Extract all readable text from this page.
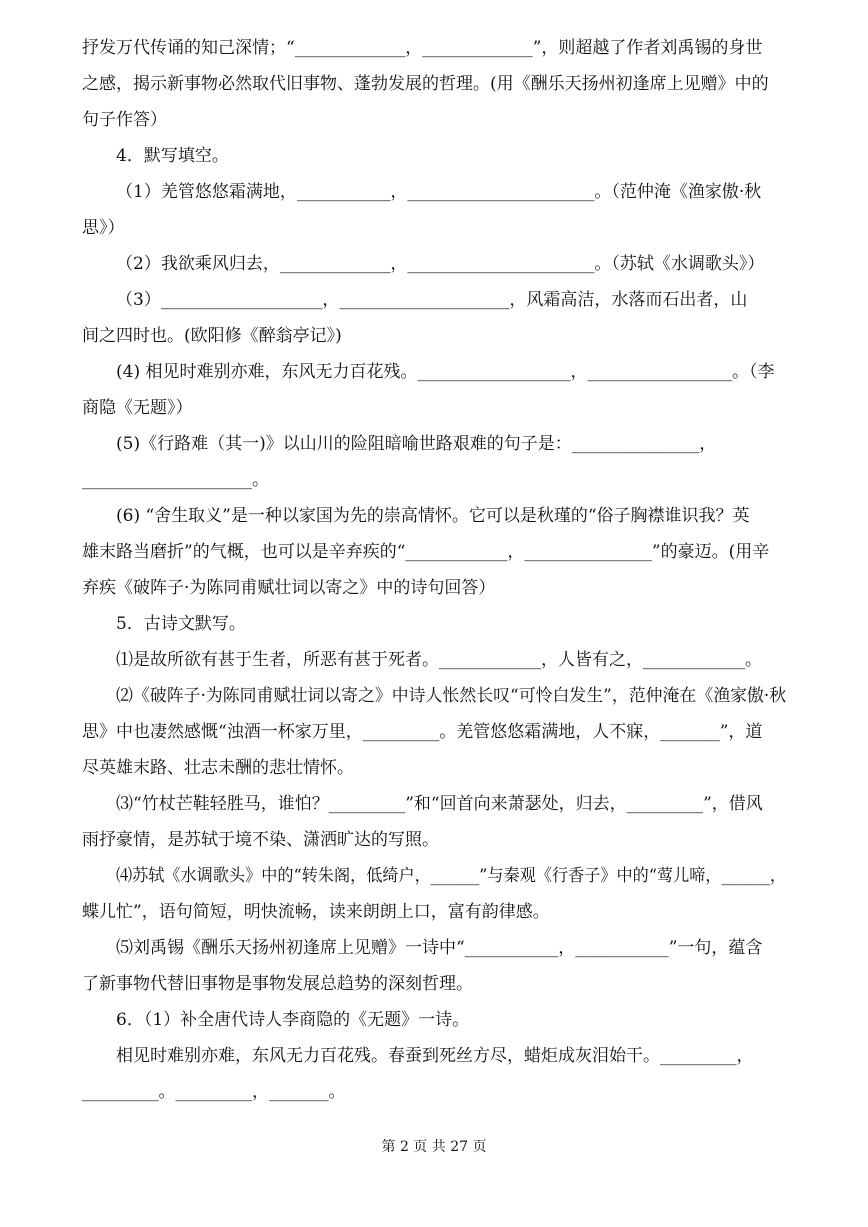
抒发万代传诵的知己深情；“_____________，_____________”，则超越了作者刘禹锡的身世
之感，揭示新事物必然取代旧事物、蓬勃发展的哲理。(用《酬乐天扬州初逢席上见赠》中的
句子作答）
4．默写填空。
（1）羌管悠悠霜满地，___________，______________________。（范仲淹《渔家傲·秋
思》）
（2）我欲乘风归去，_____________，______________________。（苏轼《水调歌头》）
（3）___________________，____________________，风霜高洁，水落而石出者，山
间之四时也。(欧阳修《醉翁亭记》)
(4) 相见时难别亦难，东风无力百花残。__________________，_________________。（李
商隐《无题》）
(5)《行路难（其一)》以山川的险阻暗喻世路艰难的句子是：_______________，
____________________。
(6) “舍生取义”是一种以家国为先的崇高情怀。它可以是秋瑾的“俗子胸襟谁识我？英
雄末路当磨折”的气概，也可以是辛弃疾的“____________，_______________”的豪迈。(用辛
弃疾《破阵子·为陈同甫赋壮词以寄之》中的诗句回答）
5．古诗文默写。
⑴是故所欲有甚于生者，所恶有甚于死者。____________，人皆有之，____________。
⑵《破阵子·为陈同甫赋壮词以寄之》中诗人怅然长叹“可怜白发生”，范仲淹在《渔家傲·秋
思》中也凄然感慨“浊酒一杯家万里，_________。羌管悠悠霜满地，人不寐，_______”，道
尽英雄末路、壮志未酬的悲壮情怀。
⑶“竹杖芒鞋轻胜马，谁怕？_________”和“回首向来萧瑟处，归去，_________”，借风
雨抒豪情，是苏轼于境不染、潇洒旷达的写照。
⑷苏轼《水调歌头》中的“转朱阁，低绮户，______”与秦观《行香子》中的“莺儿啼，______，
蝶儿忙”，语句简短，明快流畅，读来朗朗上口，富有韵律感。
⑸刘禹锡《酬乐天扬州初逢席上见赠》一诗中“___________，___________”一句，蕴含
了新事物代替旧事物是事物发展总趋势的深刻哲理。
6．（1）补全唐代诗人李商隐的《无题》一诗。
相见时难别亦难，东风无力百花残。春蚕到死丝方尽，蜡炬成灰泪始干。_________，
_________。_________，_______。
第 2 页 共 27 页
